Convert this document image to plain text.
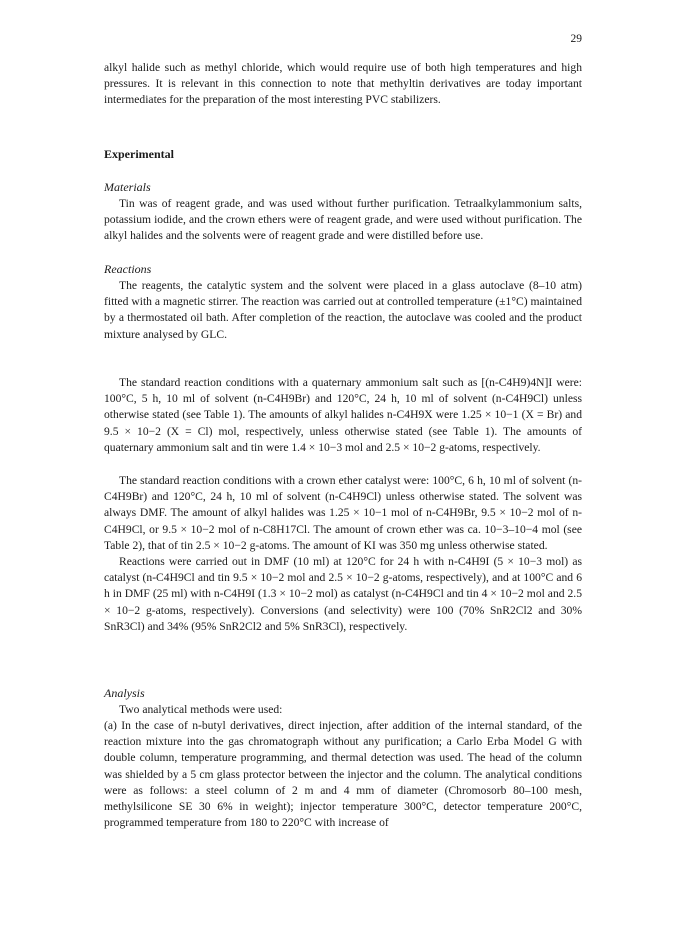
29

alkyl halide such as methyl chloride, which would require use of both high temperatures and high pressures. It is relevant in this connection to note that methyltin derivatives are today important intermediates for the preparation of the most interesting PVC stabilizers.

Experimental

Materials

Tin was of reagent grade, and was used without further purification. Tetraalkylammonium salts, potassium iodide, and the crown ethers were of reagent grade, and were used without purification. The alkyl halides and the solvents were of reagent grade and were distilled before use.

Reactions

The reagents, the catalytic system and the solvent were placed in a glass autoclave (8–10 atm) fitted with a magnetic stirrer. The reaction was carried out at controlled temperature (±1°C) maintained by a thermostated oil bath. After completion of the reaction, the autoclave was cooled and the product mixture analysed by GLC.

The standard reaction conditions with a quaternary ammonium salt such as [(n-C4H9)4N]I were: 100°C, 5 h, 10 ml of solvent (n-C4H9Br) and 120°C, 24 h, 10 ml of solvent (n-C4H9Cl) unless otherwise stated (see Table 1). The amounts of alkyl halides n-C4H9X were 1.25 × 10−1 (X = Br) and 9.5 × 10−2 (X = Cl) mol, respectively, unless otherwise stated (see Table 1). The amounts of quaternary ammonium salt and tin were 1.4 × 10−3 mol and 2.5 × 10−2 g-atoms, respectively.

The standard reaction conditions with a crown ether catalyst were: 100°C, 6 h, 10 ml of solvent (n-C4H9Br) and 120°C, 24 h, 10 ml of solvent (n-C4H9Cl) unless otherwise stated. The solvent was always DMF. The amount of alkyl halides was 1.25 × 10−1 mol of n-C4H9Br, 9.5 × 10−2 mol of n-C4H9Cl, or 9.5 × 10−2 mol of n-C8H17Cl. The amount of crown ether was ca. 10−3–10−4 mol (see Table 2), that of tin 2.5 × 10−2 g-atoms. The amount of KI was 350 mg unless otherwise stated.

Reactions were carried out in DMF (10 ml) at 120°C for 24 h with n-C4H9I (5 × 10−3 mol) as catalyst (n-C4H9Cl and tin 9.5 × 10−2 mol and 2.5 × 10−2 g-atoms, respectively), and at 100°C and 6 h in DMF (25 ml) with n-C4H9I (1.3 × 10−2 mol) as catalyst (n-C4H9Cl and tin 4 × 10−2 mol and 2.5 × 10−2 g-atoms, respectively). Conversions (and selectivity) were 100 (70% SnR2Cl2 and 30% SnR3Cl) and 34% (95% SnR2Cl2 and 5% SnR3Cl), respectively.

Analysis

Two analytical methods were used:

(a) In the case of n-butyl derivatives, direct injection, after addition of the internal standard, of the reaction mixture into the gas chromatograph without any purification; a Carlo Erba Model G with double column, temperature programming, and thermal detection was used. The head of the column was shielded by a 5 cm glass protector between the injector and the column. The analytical conditions were as follows: a steel column of 2 m and 4 mm of diameter (Chromosorb 80–100 mesh, methylsilicone SE 30 6% in weight); injector temperature 300°C, detector temperature 200°C, programmed temperature from 180 to 220°C with increase of
